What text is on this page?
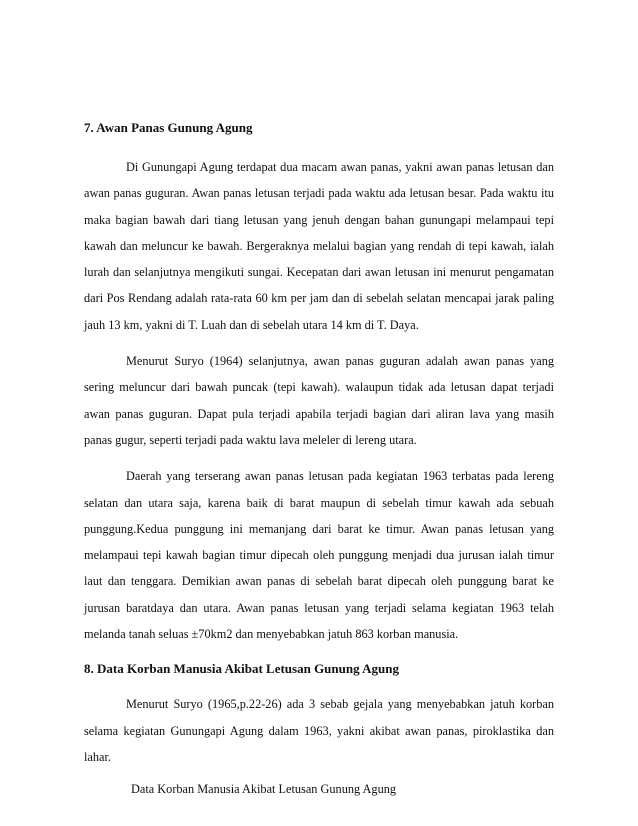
7. Awan Panas Gunung Agung

Di Gunungapi Agung terdapat dua macam awan panas, yakni awan panas letusan dan awan panas guguran. Awan panas letusan terjadi pada waktu ada letusan besar. Pada waktu itu maka bagian bawah dari tiang letusan yang jenuh dengan bahan gunungapi melampaui tepi kawah dan meluncur ke bawah. Bergeraknya melalui bagian yang rendah di tepi kawah, ialah lurah dan selanjutnya mengikuti sungai. Kecepatan dari awan letusan ini menurut pengamatan dari Pos Rendang adalah rata-rata 60 km per jam dan di sebelah selatan mencapai jarak paling jauh 13 km, yakni di T. Luah dan di sebelah utara 14 km di T. Daya.

Menurut Suryo (1964) selanjutnya, awan panas guguran adalah awan panas yang sering meluncur dari bawah puncak (tepi kawah). walaupun tidak ada letusan dapat terjadi awan panas guguran. Dapat pula terjadi apabila terjadi bagian dari aliran lava yang masih panas gugur, seperti terjadi pada waktu lava meleler di lereng utara.

Daerah yang terserang awan panas letusan pada kegiatan 1963 terbatas pada lereng selatan dan utara saja, karena baik di barat maupun di sebelah timur kawah ada sebuah punggung.Kedua punggung ini memanjang dari barat ke timur. Awan panas letusan yang melampaui tepi kawah bagian timur dipecah oleh punggung menjadi dua jurusan ialah timur laut dan tenggara. Demikian awan panas di sebelah barat dipecah oleh punggung barat ke jurusan baratdaya dan utara. Awan panas letusan yang terjadi selama kegiatan 1963 telah melanda tanah seluas ±70km2 dan menyebabkan jatuh 863 korban manusia.

8. Data Korban Manusia Akibat Letusan Gunung Agung

Menurut Suryo (1965,p.22-26) ada 3 sebab gejala yang menyebabkan jatuh korban selama kegiatan Gunungapi Agung dalam 1963, yakni akibat awan panas, piroklastika dan lahar.

Data Korban Manusia Akibat Letusan Gunung Agung
